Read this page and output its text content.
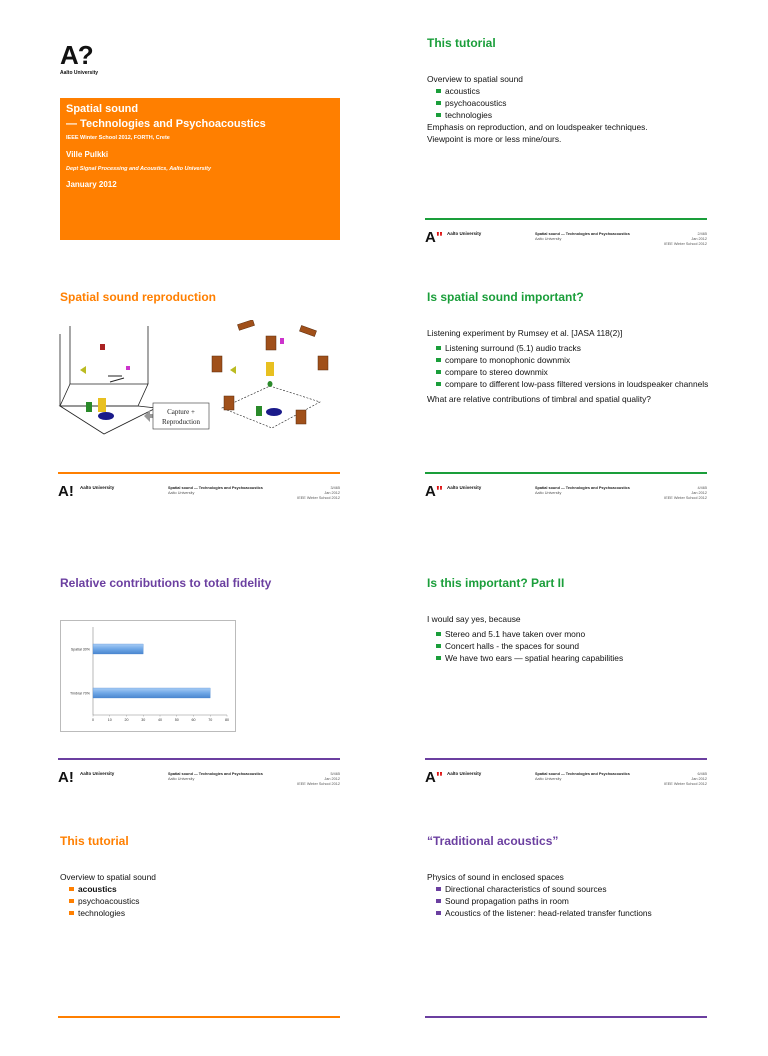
A?
Aalto University
Spatial sound
— Technologies and Psychoacoustics
IEEE Winter School 2012, FORTH, Crete
Ville Pulkki
Dept Signal Processing and Acoustics, Aalto University
January 2012
This tutorial

Overview to spatial sound

acoustics
psychoacoustics
technologies

Emphasis on reproduction, and on loudspeaker techniques.

Viewpoint is more or less mine/ours.

A" Aalto University	Spatial sound — Technologies and Psychoacoustics
Aalto University
2/465
Jan 2012
IEEE Winter School 2012
Spatial sound reproduction
Capture +
Reproduction
A! Aalto University	Spatial sound — Technologies and Psychoacoustics
Aalto University
3/465
Jan 2012
IEEE Winter School 2012
Is spatial sound important?

Listening experiment by Rumsey et al. [JASA 118(2)]

Listening surround (5.1) audio tracks
compare to monophonic downmix
compare to stereo downmix
compare to different low-pass filtered versions in loudspeaker channels

What are relative contributions of timbral and spatial quality?

A" Aalto University	Spatial sound — Technologies and Psychoacoustics
Aalto University
4/465
Jan 2012
IEEE Winter School 2012
Relative contributions to total fidelity
Spatial 30%
Timbral 70%
0	10	20	30	40	50	60	70	80
A! Aalto University	Spatial sound — Technologies and Psychoacoustics
Aalto University
5/465
Jan 2012
IEEE Winter School 2012
Is this important? Part II

I would say yes, because

Stereo and 5.1 have taken over mono
Concert halls - the spaces for sound
We have two ears — spatial hearing capabilities
A" Aalto University	Spatial sound — Technologies and Psychoacoustics
Aalto University
6/465
Jan 2012
IEEE Winter School 2012
This tutorial

Overview to spatial sound

acoustics
psychoacoustics
technologies
“Traditional acoustics”

Physics of sound in enclosed spaces

Directional characteristics of sound sources
Sound propagation paths in room
Acoustics of the listener: head-related transfer functions
